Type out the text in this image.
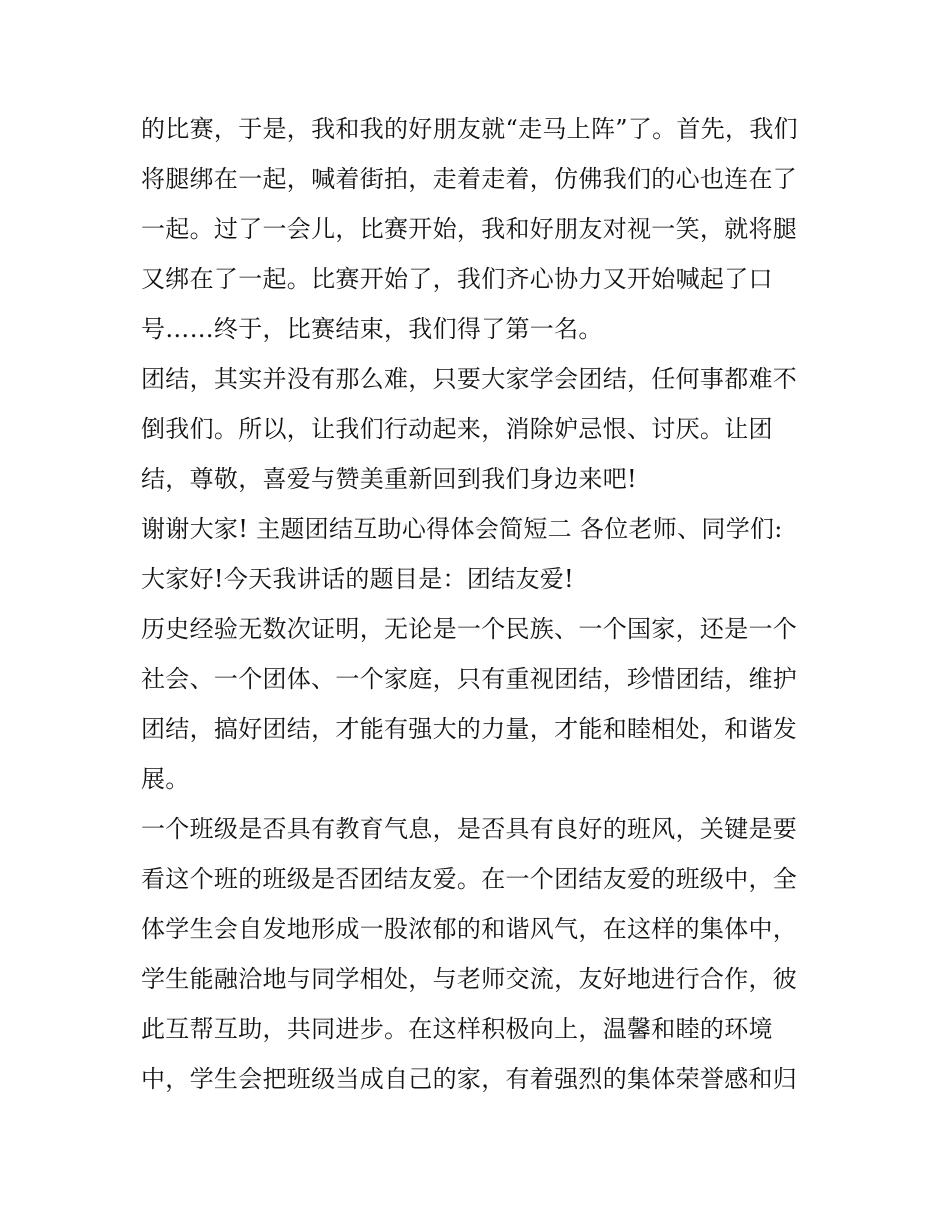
的比赛，于是，我和我的好朋友就“走马上阵”了。首先，我们
将腿绑在一起，喊着街拍，走着走着，仿佛我们的心也连在了
一起。过了一会儿，比赛开始，我和好朋友对视一笑，就将腿
又绑在了一起。比赛开始了，我们齐心协力又开始喊起了口
号……终于，比赛结束，我们得了第一名。
团结，其实并没有那么难，只要大家学会团结，任何事都难不
倒我们。所以，让我们行动起来，消除妒忌恨、讨厌。让团
结，尊敬，喜爱与赞美重新回到我们身边来吧!
谢谢大家! 主题团结互助心得体会简短二 各位老师、同学们:
大家好!今天我讲话的题目是：团结友爱!
历史经验无数次证明，无论是一个民族、一个国家，还是一个
社会、一个团体、一个家庭，只有重视团结，珍惜团结，维护
团结，搞好团结，才能有强大的力量，才能和睦相处，和谐发
展。
一个班级是否具有教育气息，是否具有良好的班风，关键是要
看这个班的班级是否团结友爱。在一个团结友爱的班级中，全
体学生会自发地形成一股浓郁的和谐风气，在这样的集体中，
学生能融洽地与同学相处，与老师交流，友好地进行合作，彼
此互帮互助，共同进步。在这样积极向上，温馨和睦的环境
中，学生会把班级当成自己的家，有着强烈的集体荣誉感和归
